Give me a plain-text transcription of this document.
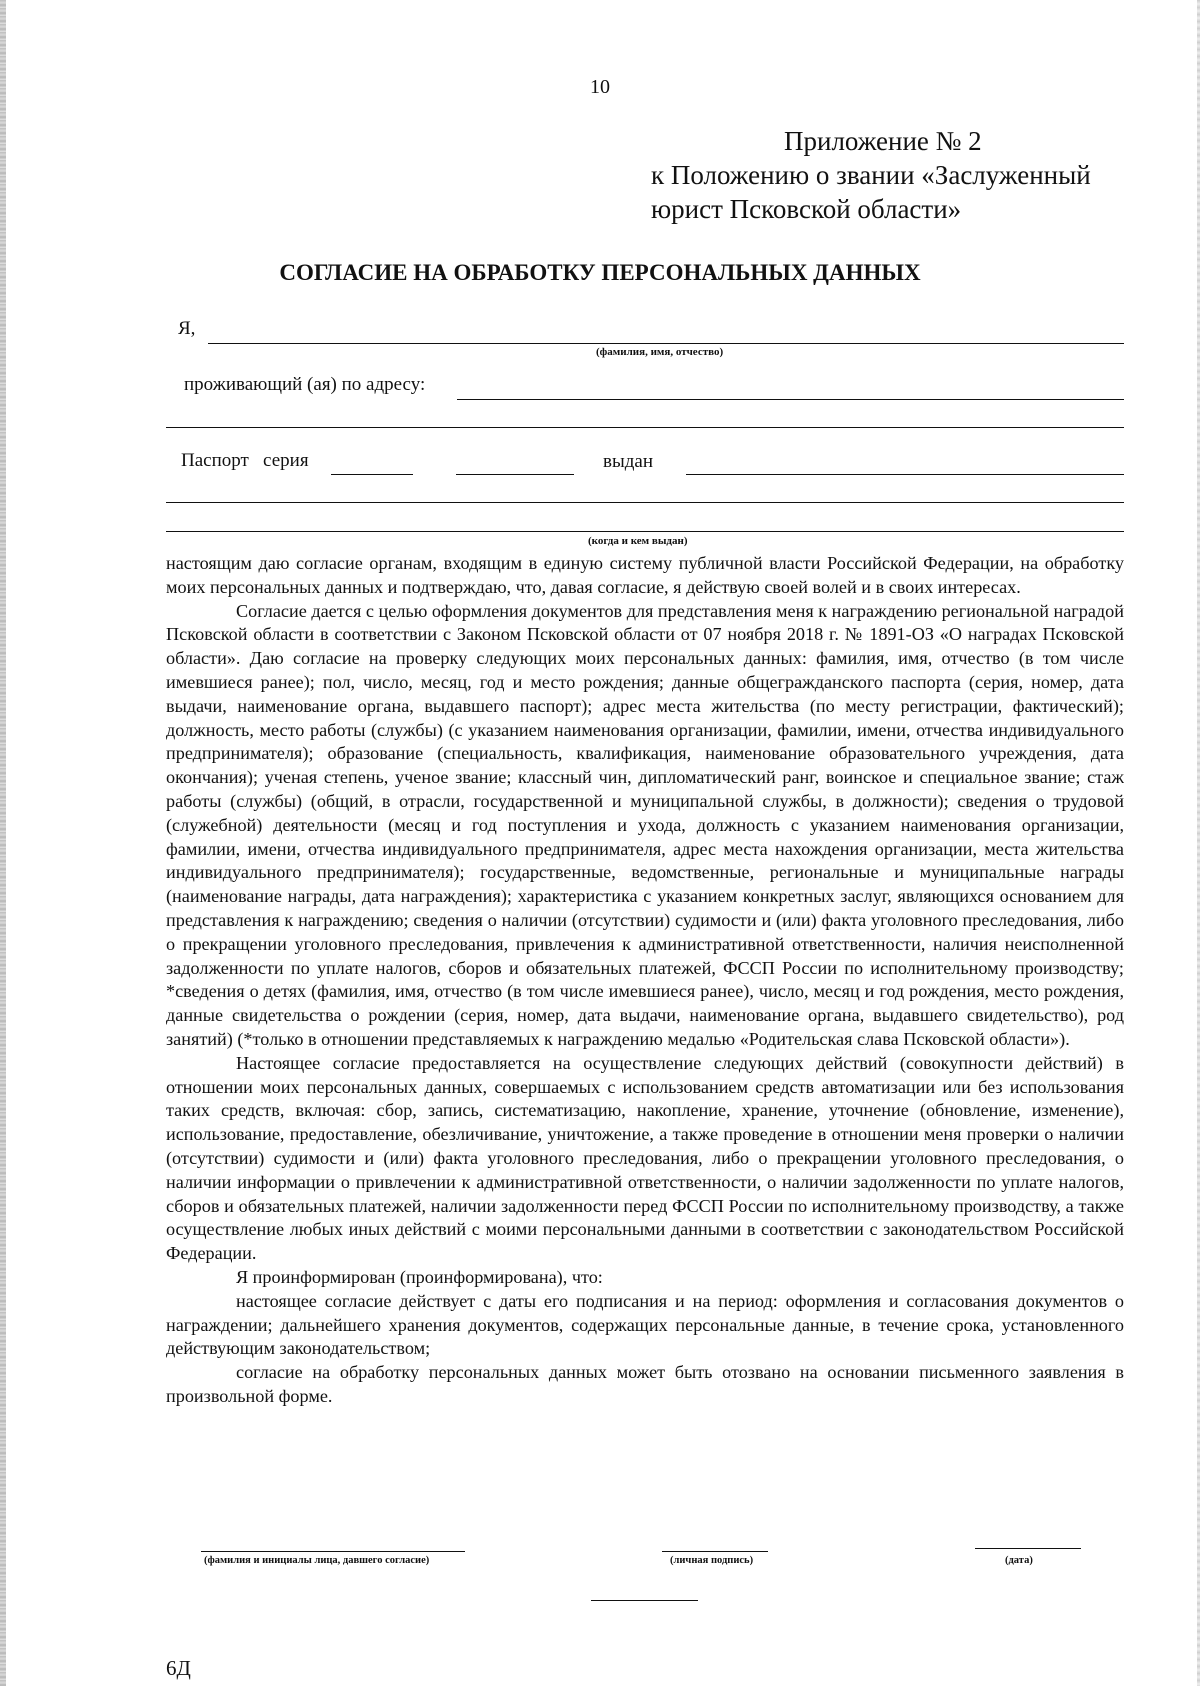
10
Приложение № 2
к Положению о звании «Заслуженный
юрист Псковской области»
СОГЛАСИЕ НА ОБРАБОТКУ ПЕРСОНАЛЬНЫХ ДАННЫХ
Я,
(фамилия, имя, отчество)
проживающий (ая) по адресу:
Паспорт   серия	выдан
(когда и кем выдан)

настоящим даю согласие органам, входящим в единую систему публичной власти Российской Федерации, на обработку моих персональных данных и подтверждаю, что, давая согласие, я действую своей волей и в своих интересах.

Согласие дается с целью оформления документов для представления меня к награждению региональной наградой Псковской области в соответствии с Законом Псковской области от 07 ноября 2018 г. № 1891-ОЗ «О наградах Псковской области». Даю согласие на проверку следующих моих персональных данных: фамилия, имя, отчество (в том числе имевшиеся ранее); пол, число, месяц, год и место рождения; данные общегражданского паспорта (серия, номер, дата выдачи, наименование органа, выдавшего паспорт); адрес места жительства (по месту регистрации, фактический); должность, место работы (службы) (с указанием наименования организации, фамилии, имени, отчества индивидуального предпринимателя); образование (специальность, квалификация, наименование образовательного учреждения, дата окончания); ученая степень, ученое звание; классный чин, дипломатический ранг, воинское и специальное звание; стаж работы (службы) (общий, в отрасли, государственной и муниципальной службы, в должности); сведения о трудовой (служебной) деятельности (месяц и год поступления и ухода, должность с указанием наименования организации, фамилии, имени, отчества индивидуального предпринимателя, адрес места нахождения организации, места жительства индивидуального предпринимателя); государственные, ведомственные, региональные и муниципальные награды (наименование награды, дата награждения); характеристика с указанием конкретных заслуг, являющихся основанием для представления к награждению; сведения о наличии (отсутствии) судимости и (или) факта уголовного преследования, либо о прекращении уголовного преследования, привлечения к административной ответственности, наличия неисполненной задолженности по уплате налогов, сборов и обязательных платежей, ФССП России по исполнительному производству; *сведения о детях (фамилия, имя, отчество (в том числе имевшиеся ранее), число, месяц и год рождения, место рождения, данные свидетельства о рождении (серия, номер, дата выдачи, наименование органа, выдавшего свидетельство), род занятий) (*только в отношении представляемых к награждению медалью «Родительская слава Псковской области»).

Настоящее согласие предоставляется на осуществление следующих действий (совокупности действий) в отношении моих персональных данных, совершаемых с использованием средств автоматизации или без использования таких средств, включая: сбор, запись, систематизацию, накопление, хранение, уточнение (обновление, изменение), использование, предоставление, обезличивание, уничтожение, а также проведение в отношении меня проверки о наличии (отсутствии) судимости и (или) факта уголовного преследования, либо о прекращении уголовного преследования, о наличии информации о привлечении к административной ответственности, о наличии задолженности по уплате налогов, сборов и обязательных платежей, наличии задолженности перед ФССП России по исполнительному производству, а также осуществление любых иных действий с моими персональными данными в соответствии с законодательством Российской Федерации.

Я проинформирован (проинформирована), что:

настоящее согласие действует с даты его подписания и на период: оформления и согласования документов о награждении; дальнейшего хранения документов, содержащих персональные данные, в течение срока, установленного действующим законодательством;

согласие на обработку персональных данных может быть отозвано на основании письменного заявления в произвольной форме.

(фамилия и инициалы лица, давшего согласие)	(личная подпись)	(дата)
6Д
